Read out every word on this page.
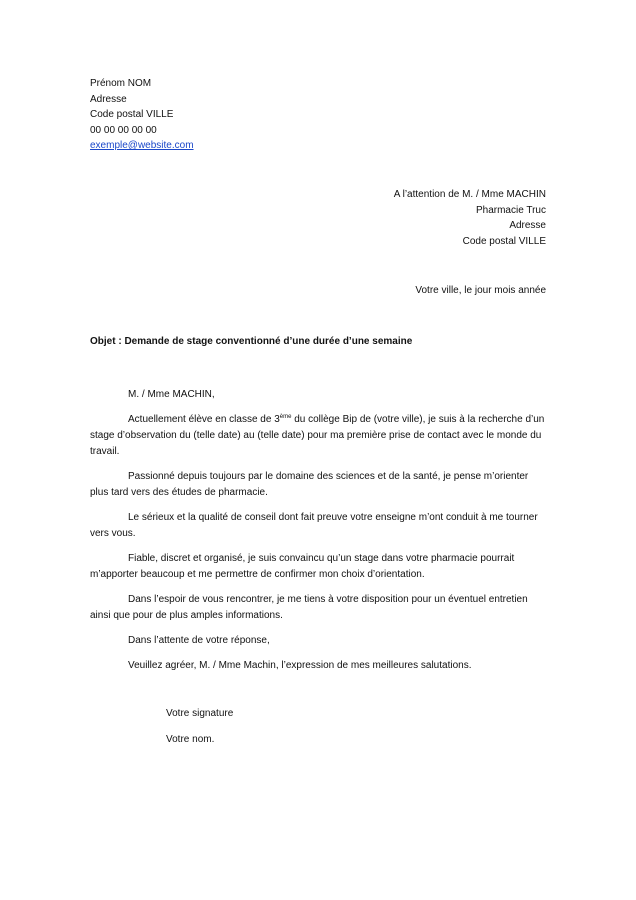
Prénom NOM
Adresse
Code postal VILLE
00 00 00 00 00
exemple@website.com
A l’attention de M. / Mme MACHIN
Pharmacie Truc
Adresse
Code postal VILLE
Votre ville, le jour mois année
Objet : Demande de stage conventionné d’une durée d’une semaine

M. / Mme MACHIN,

Actuellement élève en classe de 3ème du collège Bip de (votre ville), je suis à la recherche d’un stage d’observation du (telle date) au (telle date) pour ma première prise de contact avec le monde du travail.

Passionné depuis toujours par le domaine des sciences et de la santé, je pense m’orienter plus tard vers des études de pharmacie.

Le sérieux et la qualité de conseil dont fait preuve votre enseigne m’ont conduit à me tourner vers vous.

Fiable, discret et organisé, je suis convaincu qu’un stage dans votre pharmacie pourrait m’apporter beaucoup et me permettre de confirmer mon choix d’orientation.

Dans l’espoir de vous rencontrer, je me tiens à votre disposition pour un éventuel entretien ainsi que pour de plus amples informations.

Dans l’attente de votre réponse,

Veuillez agréer, M. / Mme Machin, l’expression de mes meilleures salutations.

Votre signature
Votre nom.
